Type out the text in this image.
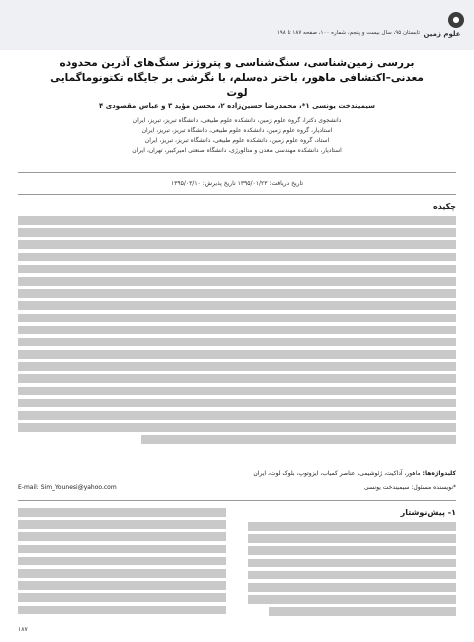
تابستان ۹۵، سال بیست و پنجم، شماره ۱۰۰، صفحه ۱۸۷ تا ۱۹۸
●
علوم زمین
بررسی زمین‌شناسی، سنگ‌شناسی و پتروژنز سنگ‌های آذرین محدوده معدنی–اکتشافی ماهور، باختر ده‌سلم، با نگرشی بر جایگاه تکتونوماگمایی لوت
سیمیندخت یونسی ۱*، محمدرضا حسین‌زاده ۲، محسن مؤید ۳ و عباس مقصودی ۴
دانشجوی دکترا، گروه علوم زمین، دانشکده علوم طبیعی، دانشگاه تبریز، تبریز، ایران
استادیار، گروه علوم زمین، دانشکده علوم طبیعی، دانشگاه تبریز، تبریز، ایران
استاد، گروه علوم زمین، دانشکده علوم طبیعی، دانشگاه تبریز، تبریز، ایران
استادیار، دانشکده مهندسی معدن و متالورژی، دانشگاه صنعتی امیرکبیر، تهران، ایران
تاریخ دریافت: ۱۳۹۵/۰۱/۲۳ تاریخ پذیرش: ۱۳۹۵/۰۳/۱۰
چکیده
کلیدواژه‌ها: ماهور، آداکیت، ژئوشیمی، عناصر کمیاب، ایزوتوپ، بلوک لوت، ایران
*نویسنده مسئول: سیمیندخت یونسی
E-mail: Sim_Younesi@yahoo.com
۱- پیش‌نوشتار
۱۸۷
